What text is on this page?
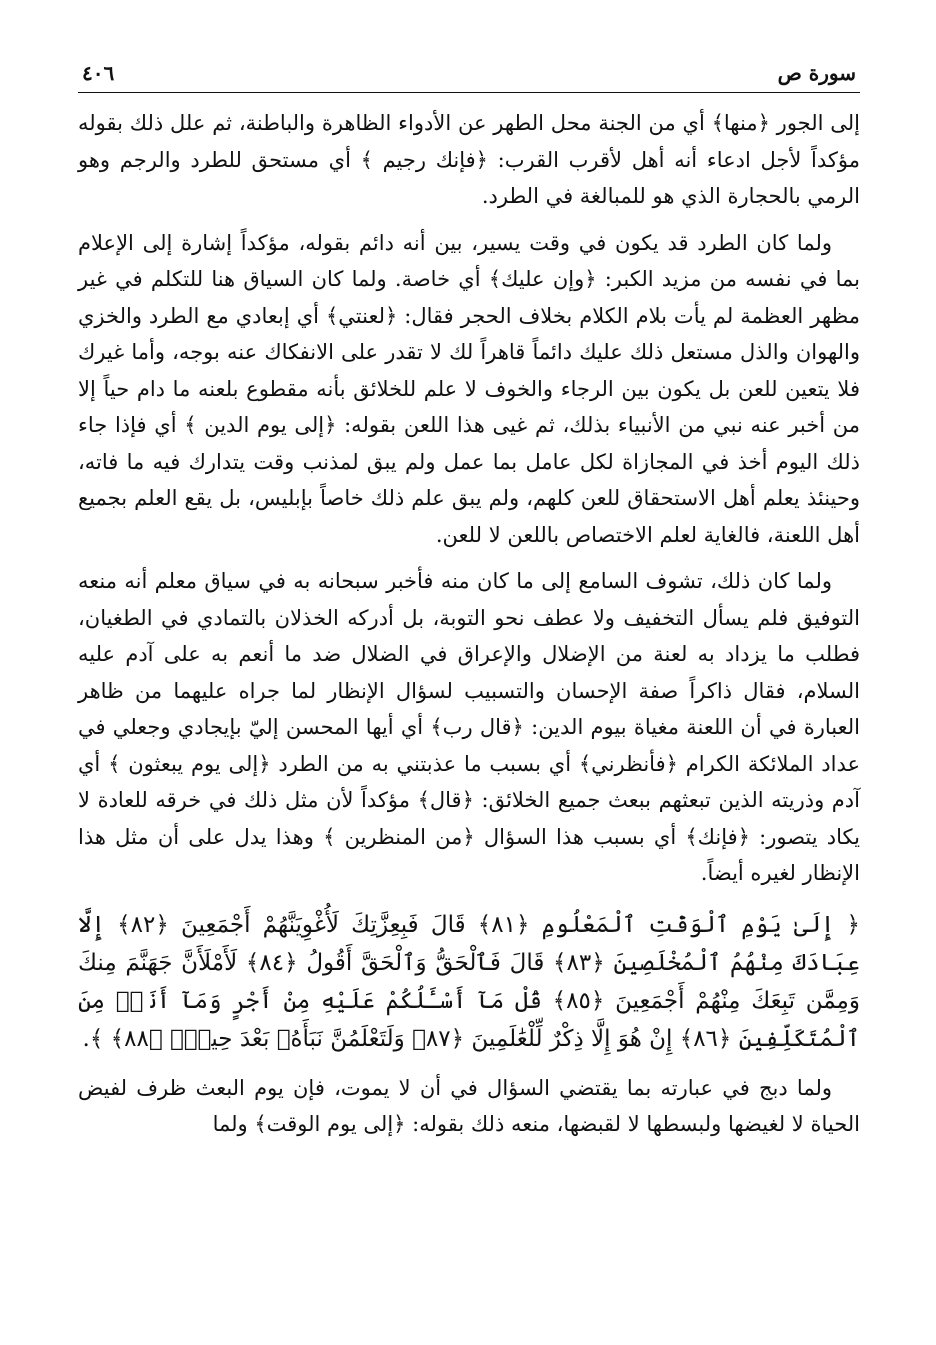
سورة ص
٤٠٦

إلى الجور ﴿منها﴾ أي من الجنة محل الطهر عن الأدواء الظاهرة والباطنة، ثم علل ذلك بقوله مؤكداً لأجل ادعاء أنه أهل لأقرب القرب: ﴿فإنك رجيم ﴾ أي مستحق للطرد والرجم وهو الرمي بالحجارة الذي هو للمبالغة في الطرد.

ولما كان الطرد قد يكون في وقت يسير، بين أنه دائم بقوله، مؤكداً إشارة إلى الإعلام بما في نفسه من مزيد الكبر: ﴿وإن عليك﴾ أي خاصة. ولما كان السياق هنا للتكلم في غير مظهر العظمة لم يأت بلام الكلام بخلاف الحجر فقال: ﴿لعنتي﴾ أي إبعادي مع الطرد والخزي والهوان والذل مستعل ذلك عليك دائماً قاهراً لك لا تقدر على الانفكاك عنه بوجه، وأما غيرك فلا يتعين للعن بل يكون بين الرجاء والخوف لا علم للخلائق بأنه مقطوع بلعنه ما دام حياً إلا من أخبر عنه نبي من الأنبياء بذلك، ثم غيى هذا اللعن بقوله: ﴿إلى يوم الدين ﴾ أي فإذا جاء ذلك اليوم أخذ في المجازاة لكل عامل بما عمل ولم يبق لمذنب وقت يتدارك فيه ما فاته، وحينئذ يعلم أهل الاستحقاق للعن كلهم، ولم يبق علم ذلك خاصاً بإبليس، بل يقع العلم بجميع أهل اللعنة، فالغاية لعلم الاختصاص باللعن لا للعن.

ولما كان ذلك، تشوف السامع إلى ما كان منه فأخبر سبحانه به في سياق معلم أنه منعه التوفيق فلم يسأل التخفيف ولا عطف نحو التوبة، بل أدركه الخذلان بالتمادي في الطغيان، فطلب ما يزداد به لعنة من الإضلال والإعراق في الضلال ضد ما أنعم به على آدم عليه السلام، فقال ذاكراً صفة الإحسان والتسبيب لسؤال الإنظار لما جراه عليهما من ظاهر العبارة في أن اللعنة مغياة بيوم الدين: ﴿قال رب﴾ أي أيها المحسن إليّ بإيجادي وجعلي في عداد الملائكة الكرام ﴿فأنظرني﴾ أي بسبب ما عذبتني به من الطرد ﴿إلى يوم يبعثون ﴾ أي آدم وذريته الذين تبعثهم ببعث جميع الخلائق: ﴿قال﴾ مؤكداً لأن مثل ذلك في خرقه للعادة لا يكاد يتصور: ﴿فإنك﴾ أي بسبب هذا السؤال ﴿من المنظرين ﴾ وهذا يدل على أن مثل هذا الإنظار لغيره أيضاً.

﴿ إِلَىٰ يَوْمِ ٱلْوَقْتِ ٱلْمَعْلُومِ ﴿٨١﴾ قَالَ فَبِعِزَّتِكَ لَأُغْوِيَنَّهُمْ أَجْمَعِينَ ﴿٨٢﴾ إِلَّا عِبَادَكَ مِنْهُمُ ٱلْمُخْلَصِينَ ﴿٨٣﴾ قَالَ فَٱلْحَقُّ وَٱلْحَقَّ أَقُولُ ﴿٨٤﴾ لَأَمْلَأَنَّ جَهَنَّمَ مِنكَ وَمِمَّن تَبِعَكَ مِنْهُمْ أَجْمَعِينَ ﴿٨٥﴾ قُلْ مَآ أَسْـَٔلُكُمْ عَلَيْهِ مِنْ أَجْرٍ وَمَآ أَنَا۠ مِنَ ٱلْمُتَكَلِّفِينَ ﴿٨٦﴾ إِنْ هُوَ إِلَّا ذِكْرٌ لِّلْعَٰلَمِينَ ﴿٨٧﴾ وَلَتَعْلَمُنَّ نَبَأَهُۥ بَعْدَ حِينٍۭ ﴿٨٨﴾ ﴾.

ولما دبج في عبارته بما يقتضي السؤال في أن لا يموت، فإن يوم البعث ظرف لفيض الحياة لا لغيضها ولبسطها لا لقبضها، منعه ذلك بقوله: ﴿إلى يوم الوقت﴾ ولما
